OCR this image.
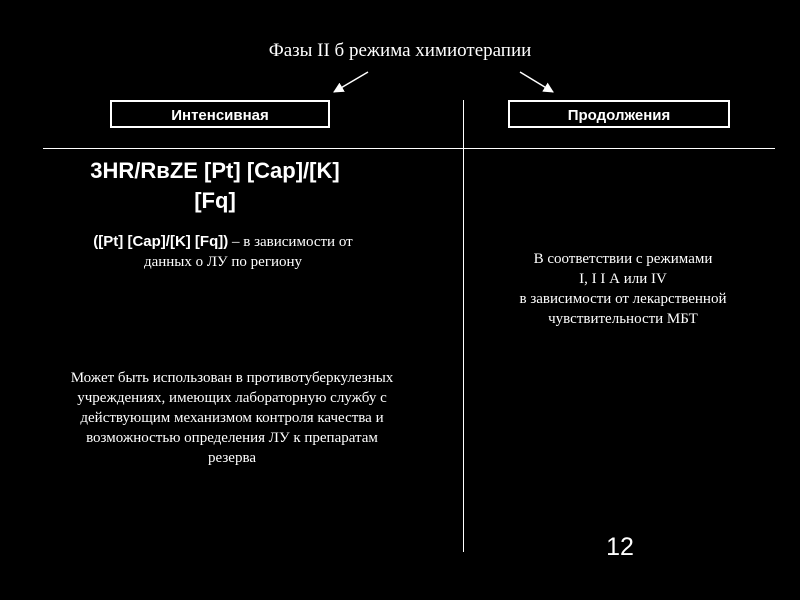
Фазы II б режима химиотерапии
Интенсивная	Продолжения
3HR/RвZE [Pt] [Cap]/[K]
[Fq]
([Pt] [Cap]/[K] [Fq]) – в зависимости от
данных о ЛУ по региону
Может быть использован в противотуберкулезных
учреждениях, имеющих лабораторную службу с
действующим механизмом контроля качества и
возможностью определения ЛУ к препаратам
резерва
В соответствии с режимами
I, I I А или IV
в зависимости от лекарственной
чувствительности МБТ
12
